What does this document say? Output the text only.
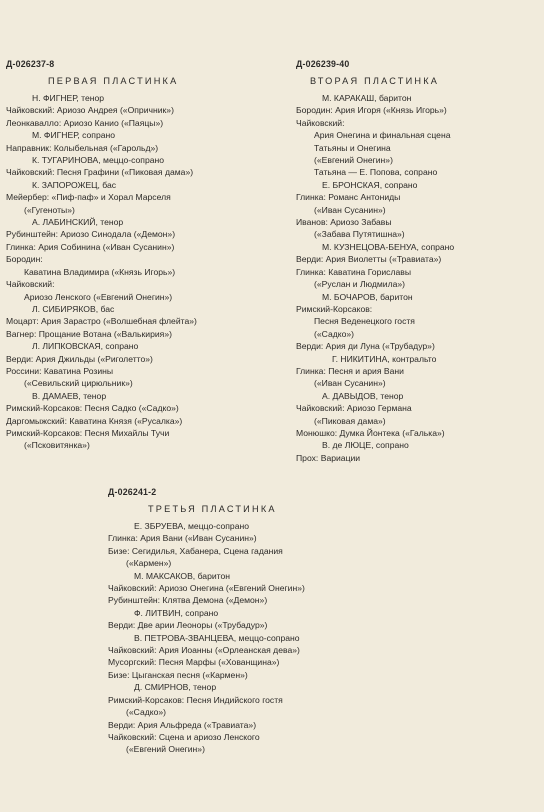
Д-026237-8
ПЕРВАЯ ПЛАСТИНКА
Н. ФИГНЕР, тенор
Чайковский: Ариозо Андрея («Опричник»)
Леонкавалло: Ариозо Канио («Паяцы»)
М. ФИГНЕР, сопрано
Направник: Колыбельная («Гарольд»)
К. ТУГАРИНОВА, меццо-сопрано
Чайковский: Песня Графини («Пиковая дама»)
К. ЗАПОРОЖЕЦ, бас
Мейербер: «Пиф-паф» и Хорал Марселя
(«Гугеноты»)
А. ЛАБИНСКИЙ, тенор
Рубинштейн: Ариозо Синодала («Демон»)
Глинка: Ария Собинина («Иван Сусанин»)
Бородин:
Каватина Владимира («Князь Игорь»)
Чайковский:
Ариозо Ленского («Евгений Онегин»)
Л. СИБИРЯКОВ, бас
Моцарт: Ария Зарастро («Волшебная флейта»)
Вагнер: Прощание Вотана («Валькирия»)
Л. ЛИПКОВСКАЯ, сопрано
Верди: Ария Джильды («Риголетто»)
Россини: Каватина Розины
(«Севильский цирюльник»)
В. ДАМАЕВ, тенор
Римский-Корсаков: Песня Садко («Садко»)
Даргомыжский: Каватина Князя («Русалка»)
Римский-Корсаков: Песня Михайлы Тучи
(«Псковитянка»)
Д-026239-40
ВТОРАЯ ПЛАСТИНКА
М. КАРАКАШ, баритон
Бородин: Ария Игоря («Князь Игорь»)
Чайковский:
Ария Онегина и финальная сцена
Татьяны и Онегина
(«Евгений Онегин»)
Татьяна — Е. Попова, сопрано
Е. БРОНСКАЯ, сопрано
Глинка: Романс Антониды
(«Иван Сусанин»)
Иванов: Ариозо Забавы
(«Забава Путятишна»)
М. КУЗНЕЦОВА-БЕНУА, сопрано
Верди: Ария Виолетты («Травиата»)
Глинка: Каватина Гориславы
(«Руслан и Людмила»)
М. БОЧАРОВ, баритон
Римский-Корсаков:
Песня Веденецкого гостя
(«Садко»)
Верди: Ария ди Луна («Трубадур»)
Г. НИКИТИНА, контральто
Глинка: Песня и ария Вани
(«Иван Сусанин»)
А. ДАВЫДОВ, тенор
Чайковский: Ариозо Германа
(«Пиковая дама»)
Монюшко: Думка Йонтека («Галька»)
В. де ЛЮЦЕ, сопрано
Прох: Вариации
Д-026241-2
ТРЕТЬЯ ПЛАСТИНКА
Е. ЗБРУЕВА, меццо-сопрано
Глинка: Ария Вани («Иван Сусанин»)
Бизе: Сегидилья, Хабанера, Сцена гадания
(«Кармен»)
М. МАКСАКОВ, баритон
Чайковский: Ариозо Онегина («Евгений Онегин»)
Рубинштейн: Клятва Демона («Демон»)
Ф. ЛИТВИН, сопрано
Верди: Две арии Леоноры («Трубадур»)
В. ПЕТРОВА-ЗВАНЦЕВА, меццо-сопрано
Чайковский: Ария Иоанны («Орлеанская дева»)
Мусоргский: Песня Марфы («Хованщина»)
Бизе: Цыганская песня («Кармен»)
Д. СМИРНОВ, тенор
Римский-Корсаков: Песня Индийского гостя
(«Садко»)
Верди: Ария Альфреда («Травиата»)
Чайковский: Сцена и ариозо Ленского
(«Евгений Онегин»)
